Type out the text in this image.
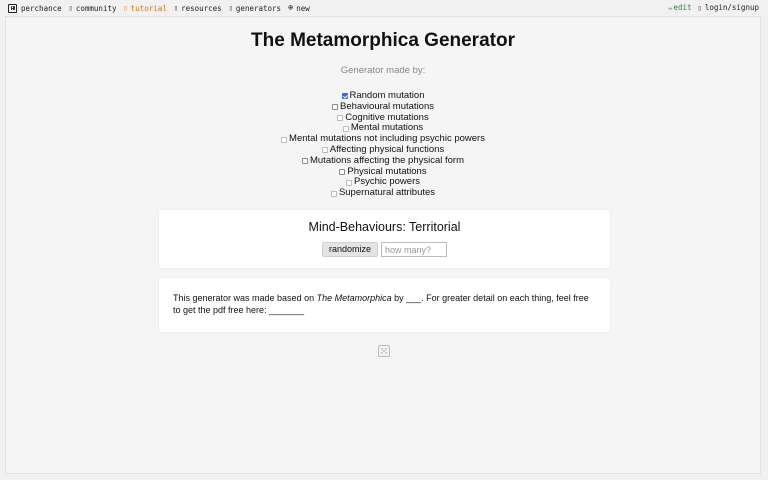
perchance ▯ community ▯ tutorial ▯ resources ▯ generators ⊕ new	✏ edit ▯ login/signup
The Metamorphica Generator
Generator made by:
Random mutation
Behavioural mutations
Cognitive mutations
Mental mutations
Mental mutations not including psychic powers
Affecting physical functions
Mutations affecting the physical form
Physical mutations
Psychic powers
Supernatural attributes
Mind-Behaviours: Territorial
randomize
how many?
This generator was made based on The Metamorphica by ___. For greater detail on each thing, feel free to get the pdf free here: _______
